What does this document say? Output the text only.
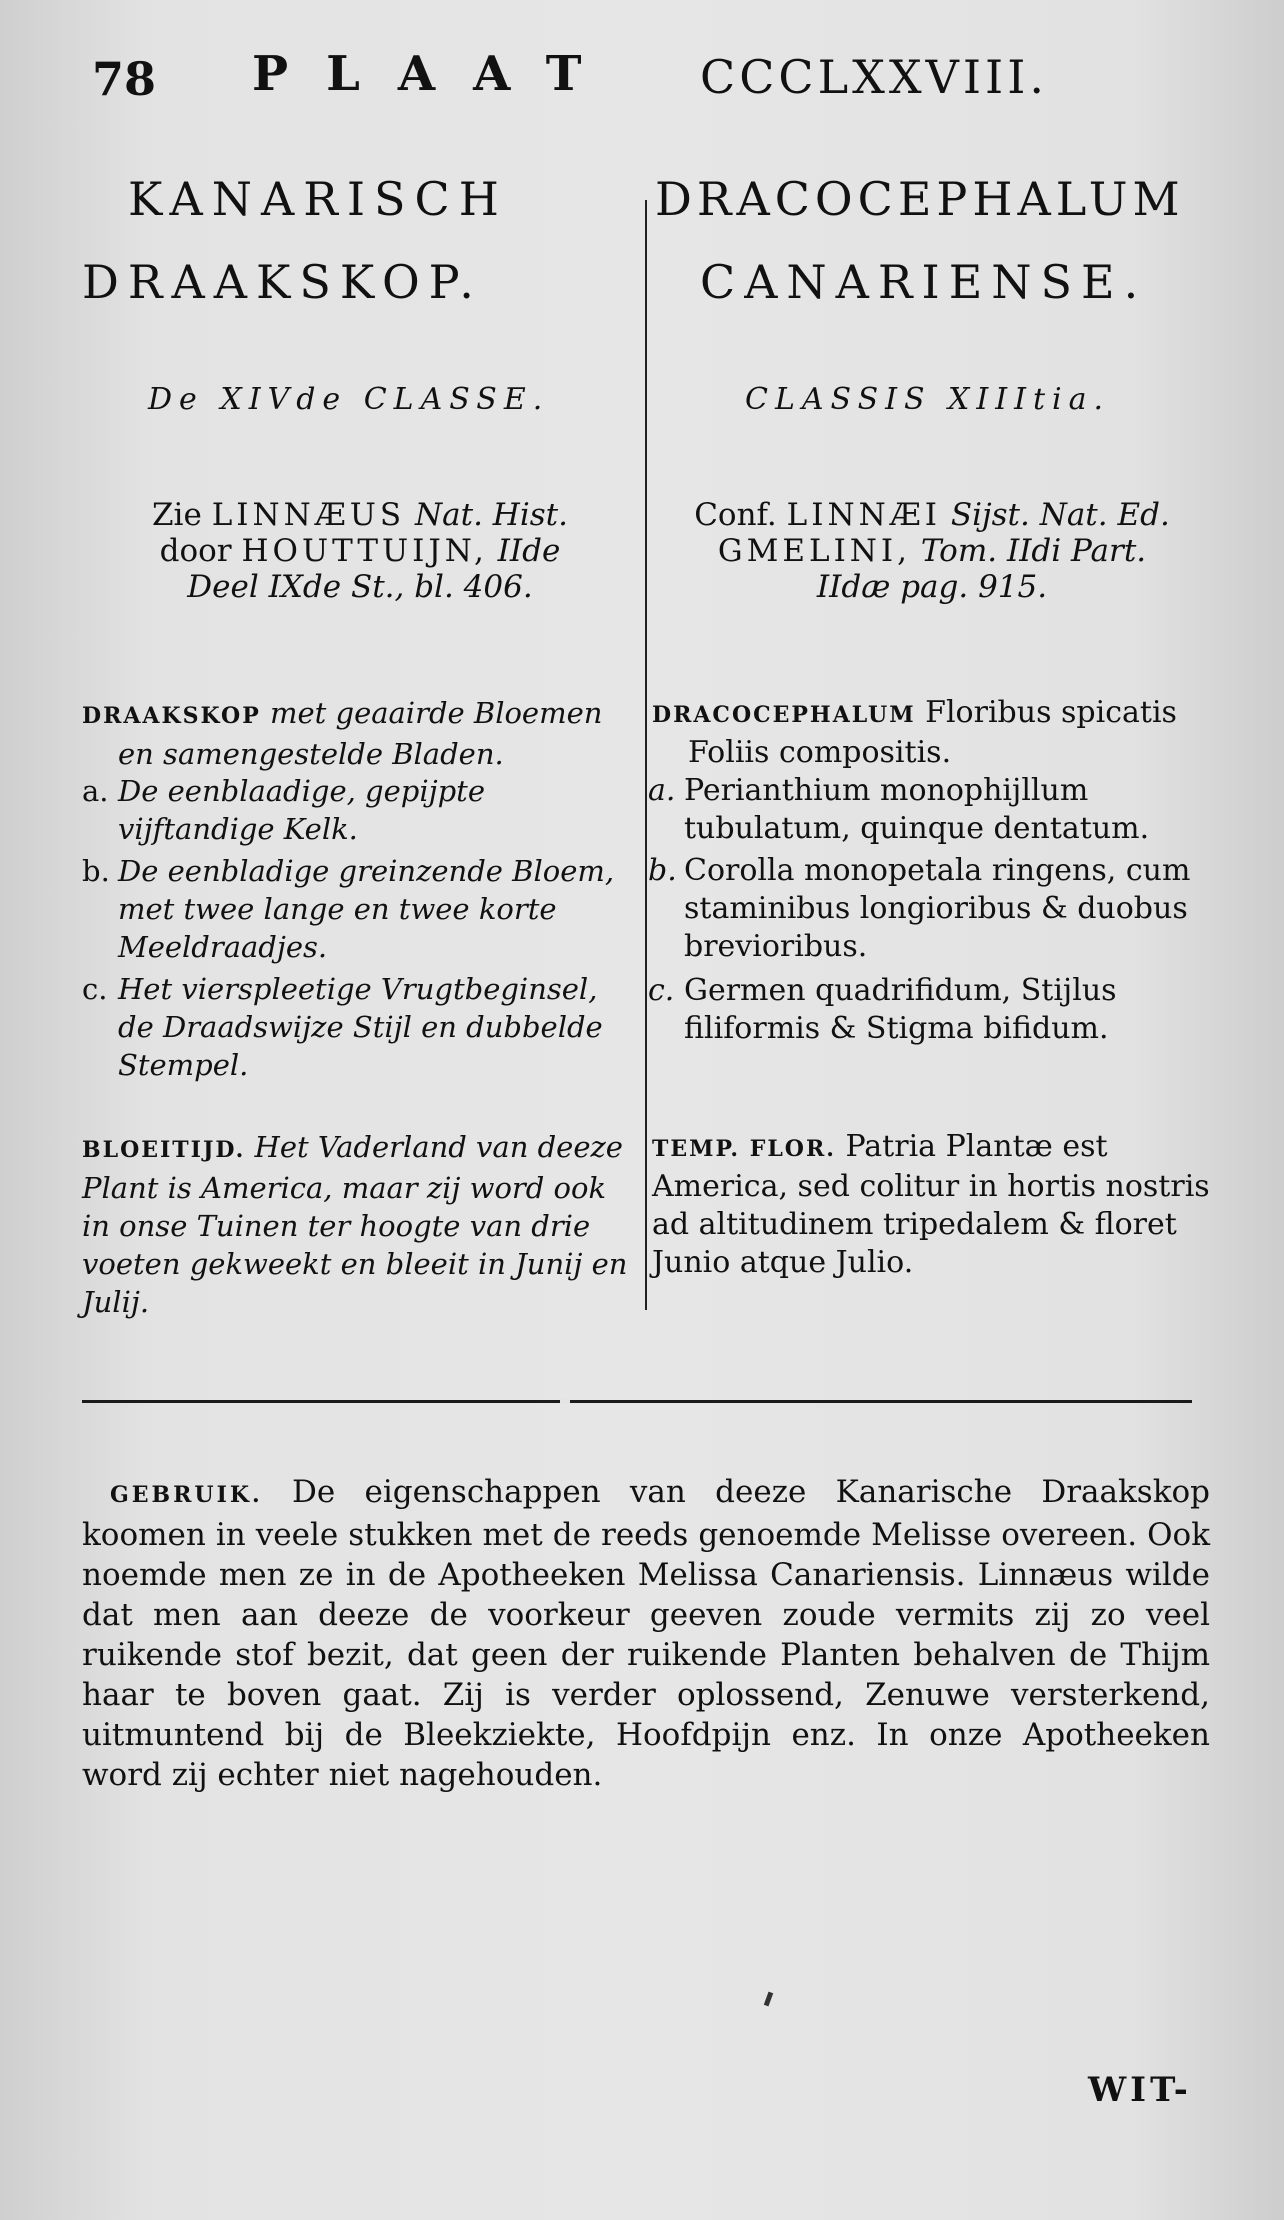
78 PLAAT CCCLXXVIII.
KANARISCH
DRAAKSKOP.
DRACOCEPHALUM
CANARIENSE.
De XIVde CLASSE.	CLASSIS XIIItia.
Zie LINNÆUS Nat. Hist.
door HOUTTUIJN, IIde
Deel IXde St., bl. 406.
Conf. LINNÆI Sijst. Nat. Ed.
GMELINI, Tom. IIdi Part.
IIdæ pag. 915.
DRAAKSKOP met geaairde Bloemen en samengestelde Bladen.
a. De eenblaadige, gepijpte vijftandige Kelk.
b. De eenbladige greinzende Bloem, met twee lange en twee korte Meeldraadjes.
c. Het vierspleetige Vrugtbeginsel, de Draadswijze Stijl en dubbelde Stempel.
DRACOCEPHALUM Floribus spicatis Foliis compositis.
a. Perianthium monophijllum tubulatum, quinque dentatum.
b. Corolla monopetala ringens, cum staminibus longioribus & duobus brevioribus.
c. Germen quadrifidum, Stijlus filiformis & Stigma bifidum.
BLOEITIJD. Het Vaderland van deeze Plant is America, maar zij word ook in onse Tuinen ter hoogte van drie voeten gekweekt en bleeit in Junij en Julij.
TEMP. FLOR. Patria Plantæ est America, sed colitur in hortis nostris ad altitudinem tripedalem & floret Junio atque Julio.
GEBRUIK. De eigenschappen van deeze Kanarische Draakskop koomen in veele stukken met de reeds genoemde Melisse overeen. Ook noemde men ze in de Apotheeken Melissa Canariensis. Linnæus wilde dat men aan deeze de voorkeur geeven zoude vermits zij zo veel ruikende stof bezit, dat geen der ruikende Planten behalven de Thijm haar te boven gaat. Zij is verder oplossend, Zenuwe versterkend, uitmuntend bij de Bleekziekte, Hoofdpijn enz. In onze Apotheeken word zij echter niet nagehouden.
WIT-
